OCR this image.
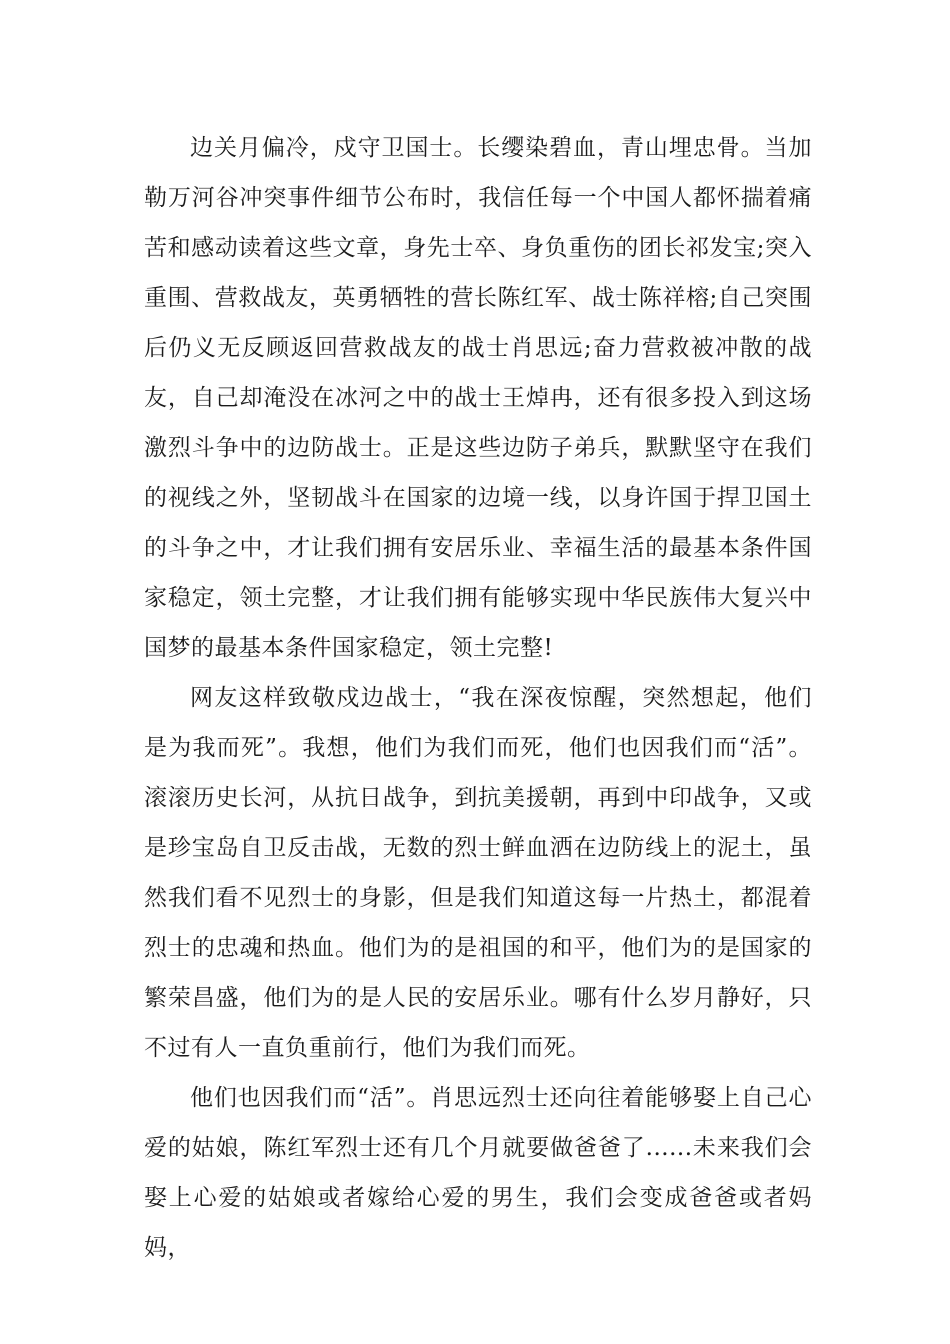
边关月偏冷，戍守卫国士。长缨染碧血，青山埋忠骨。当加勒万河谷冲突事件细节公布时，我信任每一个中国人都怀揣着痛苦和感动读着这些文章，身先士卒、身负重伤的团长祁发宝;突入重围、营救战友，英勇牺牲的营长陈红军、战士陈祥榕;自己突围后仍义无反顾返回营救战友的战士肖思远;奋力营救被冲散的战友，自己却淹没在冰河之中的战士王焯冉，还有很多投入到这场激烈斗争中的边防战士。正是这些边防子弟兵，默默坚守在我们的视线之外，坚韧战斗在国家的边境一线，以身许国于捍卫国土的斗争之中，才让我们拥有安居乐业、幸福生活的最基本条件国家稳定，领土完整，才让我们拥有能够实现中华民族伟大复兴中国梦的最基本条件国家稳定，领土完整!

网友这样致敬戍边战士，“我在深夜惊醒，突然想起，他们是为我而死”。我想，他们为我们而死，他们也因我们而“活”。滚滚历史长河，从抗日战争，到抗美援朝，再到中印战争，又或是珍宝岛自卫反击战，无数的烈士鲜血洒在边防线上的泥土，虽然我们看不见烈士的身影，但是我们知道这每一片热土，都混着烈士的忠魂和热血。他们为的是祖国的和平，他们为的是国家的繁荣昌盛，他们为的是人民的安居乐业。哪有什么岁月静好，只不过有人一直负重前行，他们为我们而死。

他们也因我们而“活”。肖思远烈士还向往着能够娶上自己心爱的姑娘，陈红军烈士还有几个月就要做爸爸了......未来我们会娶上心爱的姑娘或者嫁给心爱的男生，我们会变成爸爸或者妈妈，
